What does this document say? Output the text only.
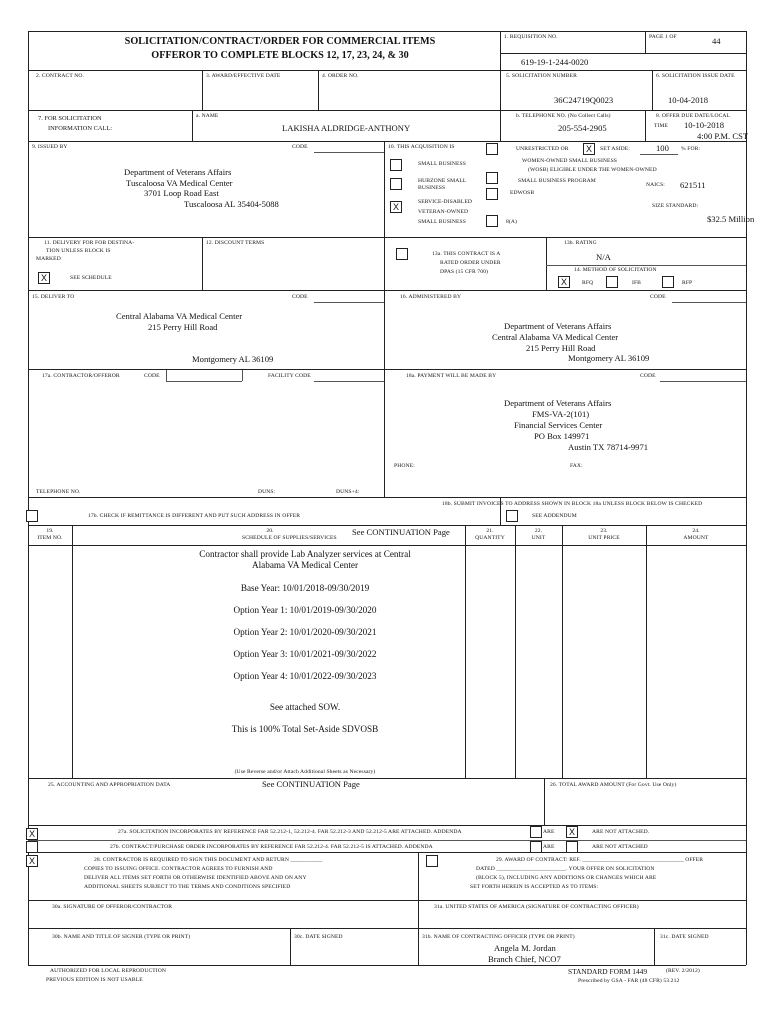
SOLICITATION/CONTRACT/ORDER FOR COMMERCIAL ITEMS
OFFEROR TO COMPLETE BLOCKS 12, 17, 23, 24, & 30
1. REQUISITION NO.
619-19-1-244-0020
PAGE 1 OF	44
2. CONTRACT NO.	3. AWARD/EFFECTIVE DATE	4. ORDER NO.	5. SOLICITATION NUMBER
36C24719Q0023
6. SOLICITATION ISSUE DATE
10-04-2018
7. FOR SOLICITATION
INFORMATION CALL:
a. NAME
LAKISHA ALDRIDGE-ANTHONY
b. TELEPHONE NO. (No Collect Calls)
205-554-2905
8. OFFER DUE DATE/LOCAL
TIME 10-10-2018
4:00 P.M. CST
9. ISSUED BY	CODE
Department of Veterans Affairs
Tuscaloosa VA Medical Center
3701 Loop Road East
Tuscaloosa AL 35404-5088
10. THIS ACQUISITION IS	UNRESTRICTED OR	X	SET ASIDE:	100 % FOR:
SMALL BUSINESS
HUBZONE SMALL
BUSINESS
X	SERVICE-DISABLED
VETERAN-OWNED
SMALL BUSINESS
WOMEN-OWNED SMALL BUSINESS
(WOSB) ELIGIBLE UNDER THE WOMEN-OWNED
SMALL BUSINESS PROGRAM
EDWOSB
8(A)
NAICS: 621511
SIZE STANDARD:
$32.5 Million
11. DELIVERY FOR FOB DESTINA-
TION UNLESS BLOCK IS
MARKED
X	SEE SCHEDULE
12. DISCOUNT TERMS
13a. THIS CONTRACT IS A
RATED ORDER UNDER
DPAS (15 CFR 700)
13b. RATING
N/A
14. METHOD OF SOLICITATION
X	RFQ	IFB	RFP
15. DELIVER TO	CODE
Central Alabama VA Medical Center
215 Perry Hill Road
Montgomery AL 36109
16. ADMINISTERED BY	CODE
Department of Veterans Affairs
Central Alabama VA Medical Center
215 Perry Hill Road
Montgomery AL 36109
17a. CONTRACTOR/OFFEROR	CODE	FACILITY CODE	18a. PAYMENT WILL BE MADE BY	CODE
Department of Veterans Affairs
FMS-VA-2(101)
Financial Services Center
PO Box 149971
Austin TX 78714-9971
PHONE:	FAX:
TELEPHONE NO.	DUNS:	DUNS+4:
17b. CHECK IF REMITTANCE IS DIFFERENT AND PUT SUCH ADDRESS IN OFFER
18b. SUBMIT INVOICES TO ADDRESS SHOWN IN BLOCK 18a UNLESS BLOCK BELOW IS CHECKED
SEE ADDENDUM
19.
ITEM NO.
20.
SCHEDULE OF SUPPLIES/SERVICES
See CONTINUATION Page	21.
QUANTITY
22.
UNIT
23.
UNIT PRICE
24.
AMOUNT
Contractor shall provide Lab Analyzer services at Central
Alabama VA Medical Center
Base Year: 10/01/2018-09/30/2019
Option Year 1: 10/01/2019-09/30/2020
Option Year 2: 10/01/2020-09/30/2021
Option Year 3: 10/01/2021-09/30/2022
Option Year 4: 10/01/2022-09/30/2023
See attached SOW.
This is 100% Total Set-Aside SDVOSB
(Use Reverse and/or Attach Additional Sheets as Necessary)
25. ACCOUNTING AND APPROPRIATION DATA	See CONTINUATION Page	26. TOTAL AWARD AMOUNT (For Govt. Use Only)
X	27a. SOLICITATION INCORPORATES BY REFERENCE FAR 52.212-1, 52.212-4. FAR 52.212-3 AND 52.212-5 ARE ATTACHED. ADDENDA	ARE	X	ARE NOT ATTACHED.
27b. CONTRACT/PURCHASE ORDER INCORPORATES BY REFERENCE FAR 52.212-4. FAR 52.212-5 IS ATTACHED. ADDENDA	ARE	ARE NOT ATTACHED
X	28. CONTRACTOR IS REQUIRED TO SIGN THIS DOCUMENT AND RETURN ___________
COPIES TO ISSUING OFFICE. CONTRACTOR AGREES TO FURNISH AND
DELIVER ALL ITEMS SET FORTH OR OTHERWISE IDENTIFIED ABOVE AND ON ANY
ADDITIONAL SHEETS SUBJECT TO THE TERMS AND CONDITIONS SPECIFIED
29. AWARD OF CONTRACT: REF. ___________________________________ OFFER
DATED ________________________. YOUR OFFER ON SOLICITATION
(BLOCK 5), INCLUDING ANY ADDITIONS OR CHANGES WHICH ARE
SET FORTH HEREIN IS ACCEPTED AS TO ITEMS:
30a. SIGNATURE OF OFFEROR/CONTRACTOR	31a. UNITED STATES OF AMERICA (SIGNATURE OF CONTRACTING OFFICER)
30b. NAME AND TITLE OF SIGNER (TYPE OR PRINT)	30c. DATE SIGNED	31b. NAME OF CONTRACTING OFFICER (TYPE OR PRINT)	31c. DATE SIGNED
Angela M. Jordan
Branch Chief, NCO7
AUTHORIZED FOR LOCAL REPRODUCTION
PREVIOUS EDITION IS NOT USABLE
STANDARD FORM 1449	(REV. 2/2012)
Prescribed by GSA - FAR (48 CFR) 53.212
